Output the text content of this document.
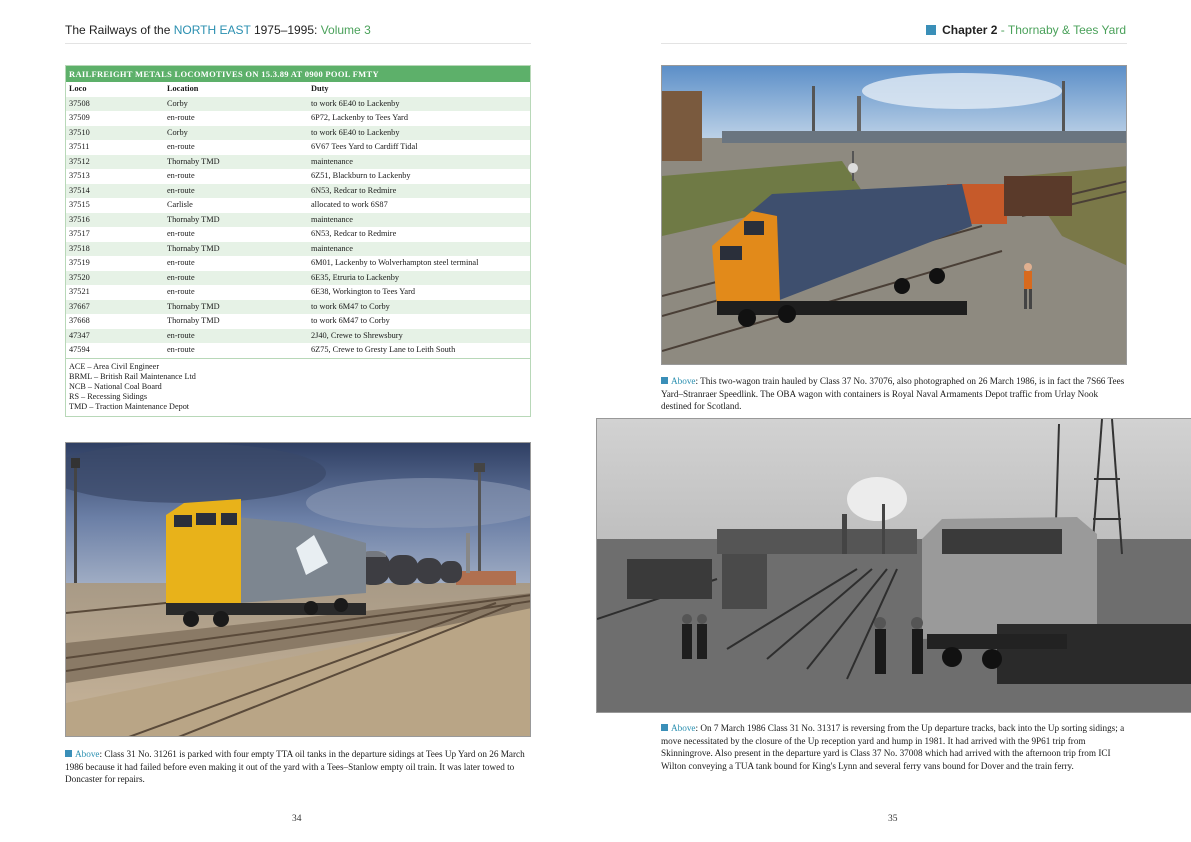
The Railways of the NORTH EAST 1975–1995: Volume 3
RAILFREIGHT METALS LOCOMOTIVES ON 15.3.89 AT 0900 POOL FMTY
Loco	Location	Duty
37508	Corby	to work 6E40 to Lackenby
37509	en-route	6P72, Lackenby to Tees Yard
37510	Corby	to work 6E40 to Lackenby
37511	en-route	6V67 Tees Yard to Cardiff Tidal
37512	Thornaby TMD	maintenance
37513	en-route	6Z51, Blackburn to Lackenby
37514	en-route	6N53, Redcar to Redmire
37515	Carlisle	allocated to work 6S87
37516	Thornaby TMD	maintenance
37517	en-route	6N53, Redcar to Redmire
37518	Thornaby TMD	maintenance
37519	en-route	6M01, Lackenby to Wolverhampton steel terminal
37520	en-route	6E35, Etruria to Lackenby
37521	en-route	6E38, Workington to Tees Yard
37667	Thornaby TMD	to work 6M47 to Corby
37668	Thornaby TMD	to work 6M47 to Corby
47347	en-route	2J40, Crewe to Shrewsbury
47594	en-route	6Z75, Crewe to Gresty Lane to Leith South
ACE – Area Civil Engineer
BRML – British Rail Maintenance Ltd
NCB – National Coal Board
RS – Recessing Sidings
TMD – Traction Maintenance Depot
Above: Class 31 No. 31261 is parked with four empty TTA oil tanks in the departure sidings at Tees Up Yard on 26 March 1986 because it had failed before even making it out of the yard with a Tees–Stanlow empty oil train. It was later towed to Doncaster for repairs.
34
Chapter 2 - Thornaby & Tees Yard
Above: This two-wagon train hauled by Class 37 No. 37076, also photographed on 26 March 1986, is in fact the 7S66 Tees Yard–Stranraer Speedlink. The OBA wagon with containers is Royal Naval Armaments Depot traffic from Urlay Nook destined for Scotland.
Above: On 7 March 1986 Class 31 No. 31317 is reversing from the Up departure tracks, back into the Up sorting sidings; a move necessitated by the closure of the Up reception yard and hump in 1981. It had arrived with the 9P61 trip from Skinningrove. Also present in the departure yard is Class 37 No. 37008 which had arrived with the afternoon trip from ICI Wilton conveying a TUA tank bound for King's Lynn and several ferry vans bound for Dover and the train ferry.
35
